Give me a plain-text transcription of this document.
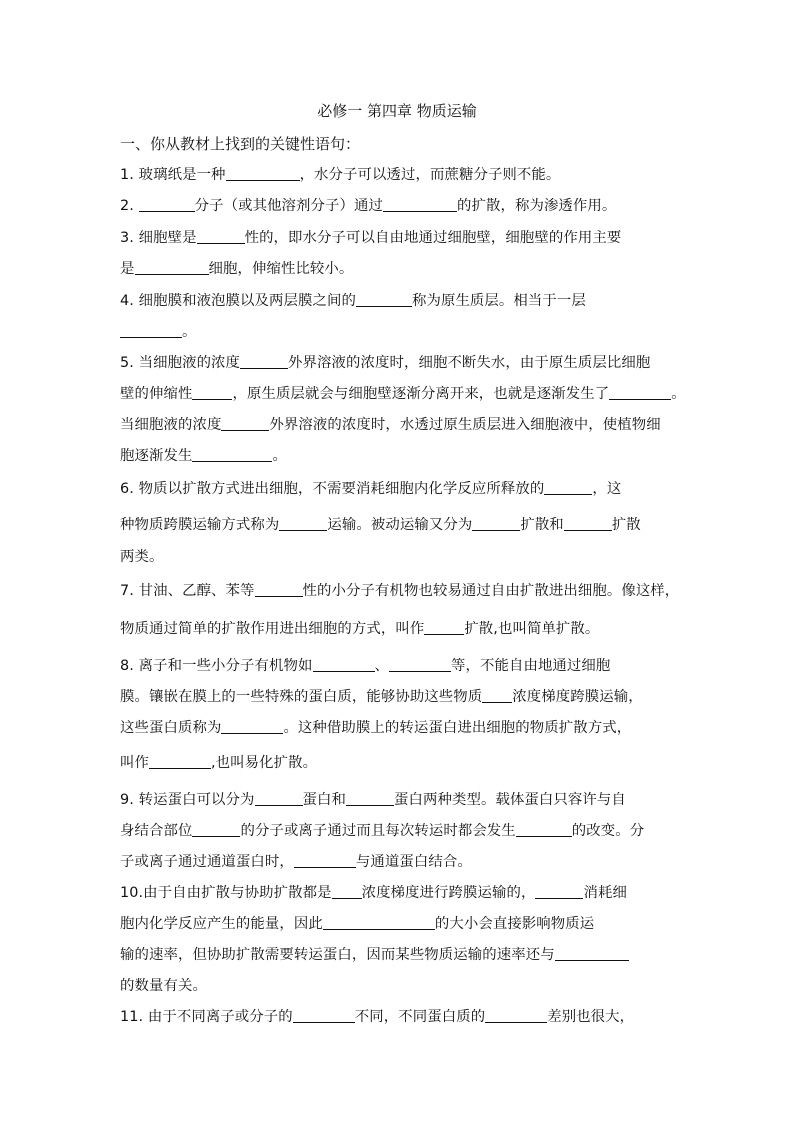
必修一 第四章 物质运输
一、你从教材上找到的关键性语句：
1. 玻璃纸是一种	，水分子可以透过，而蔗糖分子则不能。
2.	分子（或其他溶剂分子）通过	的扩散，称为渗透作用。
3. 细胞壁是	性的，即水分子可以自由地通过细胞壁，细胞壁的作用主要
是	细胞，伸缩性比较小。
4. 细胞膜和液泡膜以及两层膜之间的	称为原生质层。相当于一层
。
5. 当细胞液的浓度	外界溶液的浓度时，细胞不断失水，由于原生质层比细胞
壁的伸缩性	，原生质层就会与细胞壁逐渐分离开来，也就是逐渐发生了	。
当细胞液的浓度	外界溶液的浓度时，水透过原生质层进入细胞液中，使植物细
胞逐渐发生	。
6. 物质以扩散方式进出细胞，不需要消耗细胞内化学反应所释放的	，这
种物质跨膜运输方式称为	运输。被动运输又分为	扩散和	扩散
两类。
7. 甘油、乙醇、苯等	性的小分子有机物也较易通过自由扩散进出细胞。像这样，
物质通过简单的扩散作用进出细胞的方式，叫作	扩散,也叫简单扩散。
8. 离子和一些小分子有机物如	、	等，不能自由地通过细胞
膜。镶嵌在膜上的一些特殊的蛋白质，能够协助这些物质 浓度梯度跨膜运输，
这些蛋白质称为	。这种借助膜上的转运蛋白进出细胞的物质扩散方式，
叫作	,也叫易化扩散。
9. 转运蛋白可以分为	蛋白和	蛋白两种类型。载体蛋白只容许与自
身结合部位	的分子或离子通过而且每次转运时都会发生	的改变。分
子或离子通过通道蛋白时，	与通道蛋白结合。
10.由于自由扩散与协助扩散都是 浓度梯度进行跨膜运输的，	消耗细
胞内化学反应产生的能量，因此	的大小会直接影响物质运
输的速率，但协助扩散需要转运蛋白，因而某些物质运输的速率还与
的数量有关。
11. 由于不同离子或分子的	不同，不同蛋白质的	差别也很大，
